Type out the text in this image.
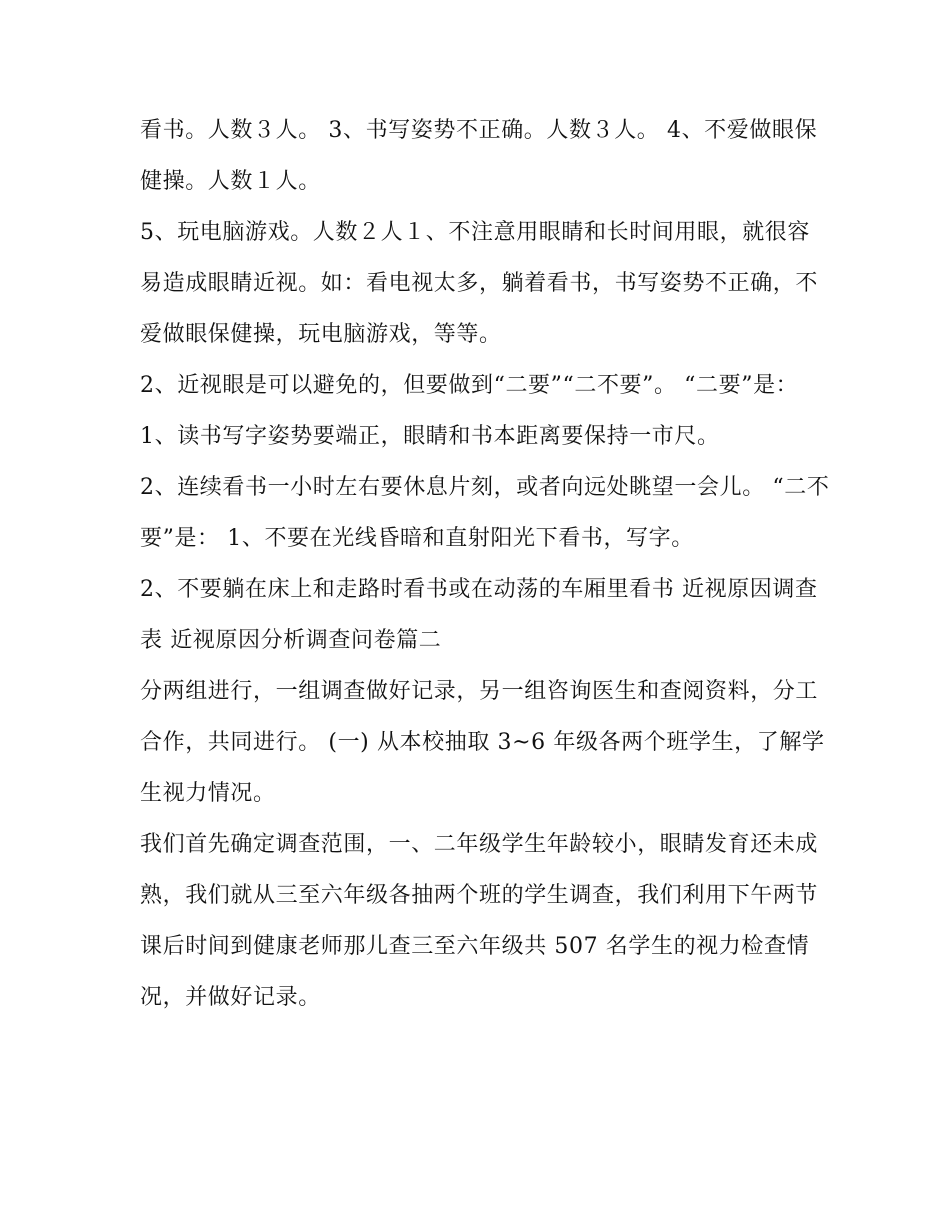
看书。人数３人。 3、书写姿势不正确。人数３人。 4、不爱做眼保健操。人数１人。

5、玩电脑游戏。人数２人１、不注意用眼睛和长时间用眼，就很容易造成眼睛近视。如：看电视太多，躺着看书，书写姿势不正确，不爱做眼保健操，玩电脑游戏，等等。

2、近视眼是可以避免的，但要做到“二要”“二不要”。 “二要”是： 1、读书写字姿势要端正，眼睛和书本距离要保持一市尺。

2、连续看书一小时左右要休息片刻，或者向远处眺望一会儿。 “二不要”是： 1、不要在光线昏暗和直射阳光下看书，写字。

2、不要躺在床上和走路时看书或在动荡的车厢里看书 近视原因调查表 近视原因分析调查问卷篇二

分两组进行，一组调查做好记录，另一组咨询医生和查阅资料，分工合作，共同进行。 (一) 从本校抽取 3~6 年级各两个班学生，了解学生视力情况。

我们首先确定调查范围，一、二年级学生年龄较小，眼睛发育还未成熟，我们就从三至六年级各抽两个班的学生调查，我们利用下午两节课后时间到健康老师那儿查三至六年级共 507 名学生的视力检查情况，并做好记录。
